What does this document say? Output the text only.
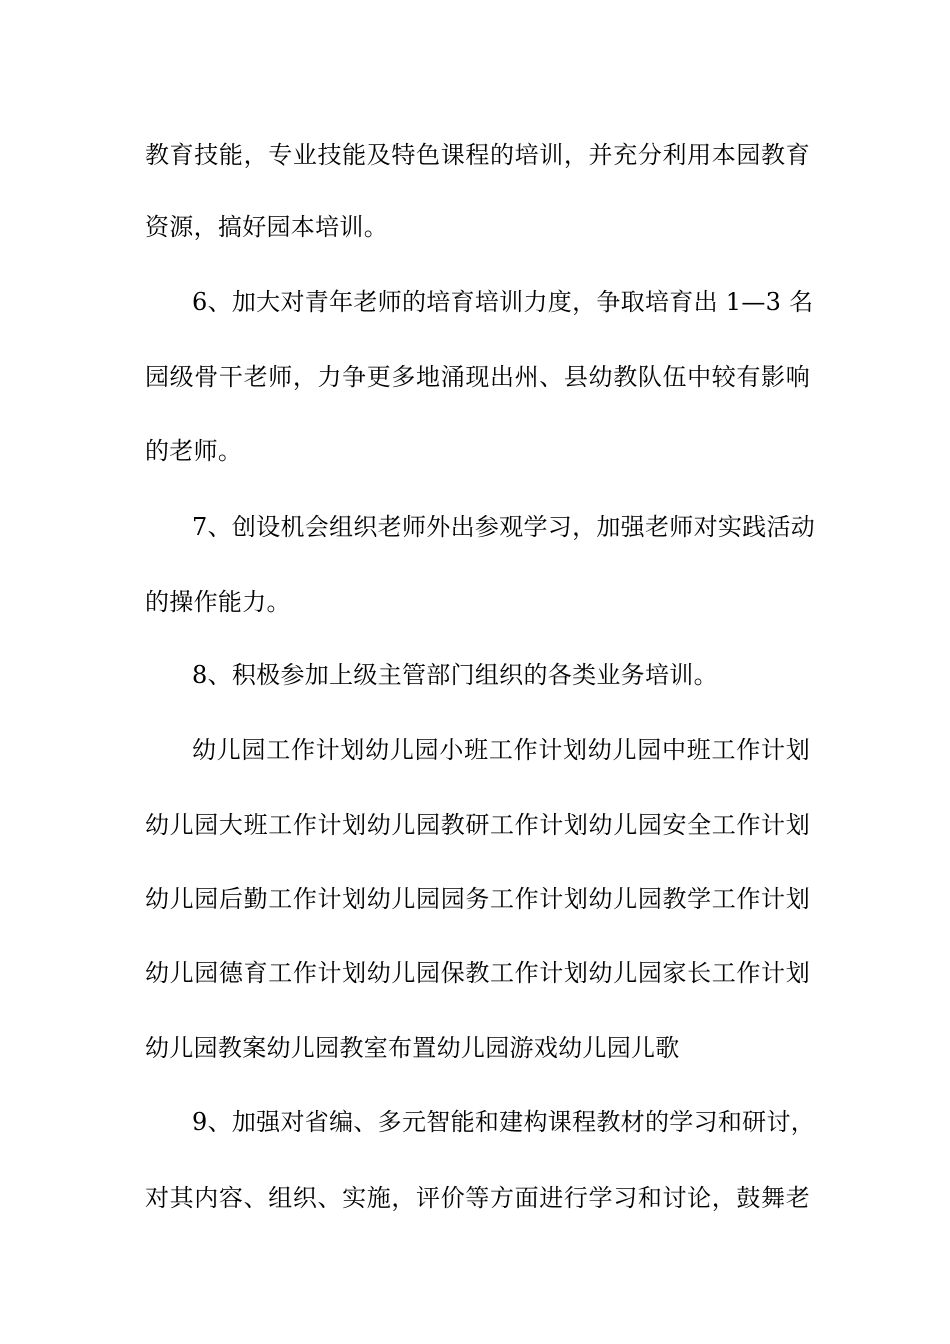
教育技能，专业技能及特色课程的培训，并充分利用本园教育
资源，搞好园本培训。
6、加大对青年老师的培育培训力度，争取培育出 1—3 名
园级骨干老师，力争更多地涌现出州、县幼教队伍中较有影响
的老师。
7、创设机会组织老师外出参观学习，加强老师对实践活动
的操作能力。
8、积极参加上级主管部门组织的各类业务培训。
幼儿园工作计划幼儿园小班工作计划幼儿园中班工作计划
幼儿园大班工作计划幼儿园教研工作计划幼儿园安全工作计划
幼儿园后勤工作计划幼儿园园务工作计划幼儿园教学工作计划
幼儿园德育工作计划幼儿园保教工作计划幼儿园家长工作计划
幼儿园教案幼儿园教室布置幼儿园游戏幼儿园儿歌
9、加强对省编、多元智能和建构课程教材的学习和研讨，
对其内容、组织、实施，评价等方面进行学习和讨论，鼓舞老
